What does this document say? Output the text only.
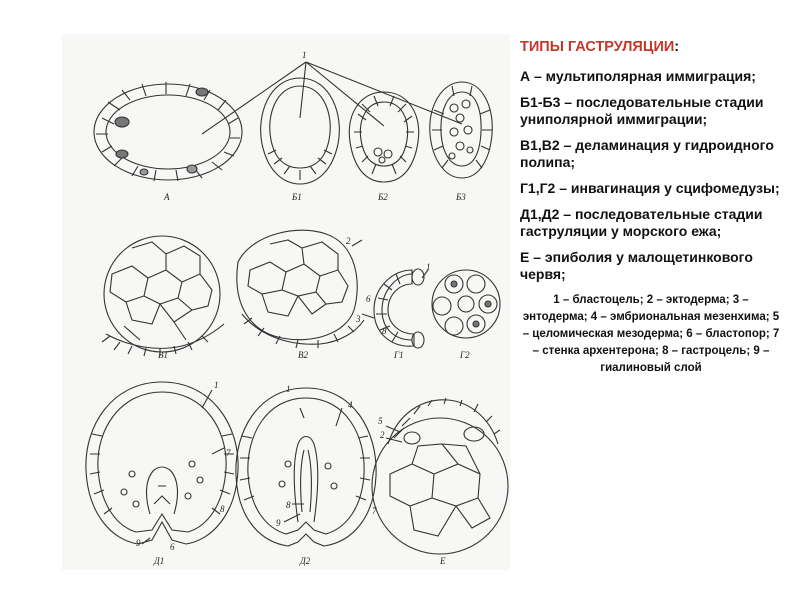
А	Б1	Б2	Б3
В1	В2	Г1	Г2
Д1	Д2	Е
1
2
3
1
6
8
1
7
8
9	6
1
4
8
9
7
5
2
ТИПЫ ГАСТРУЛЯЦИИ:
А – мультиполярная иммиграция;
Б1-Б3 – последовательные стадии униполярной иммиграции;
В1,В2 – деламинация у гидроидного полипа;
Г1,Г2 – инвагинация у сцифомедузы;
Д1,Д2 – последовательные стадии гаструляции у морского ежа;
Е – эпиболия у малощетинкового червя;
1 – бластоцель; 2 – эктодерма; 3 – энтодерма; 4 – эмбриональная мезенхима; 5 – целомическая мезодерма; 6 – бластопор; 7 – стенка архентерона; 8 – гастроцель; 9 – гиалиновый слой
